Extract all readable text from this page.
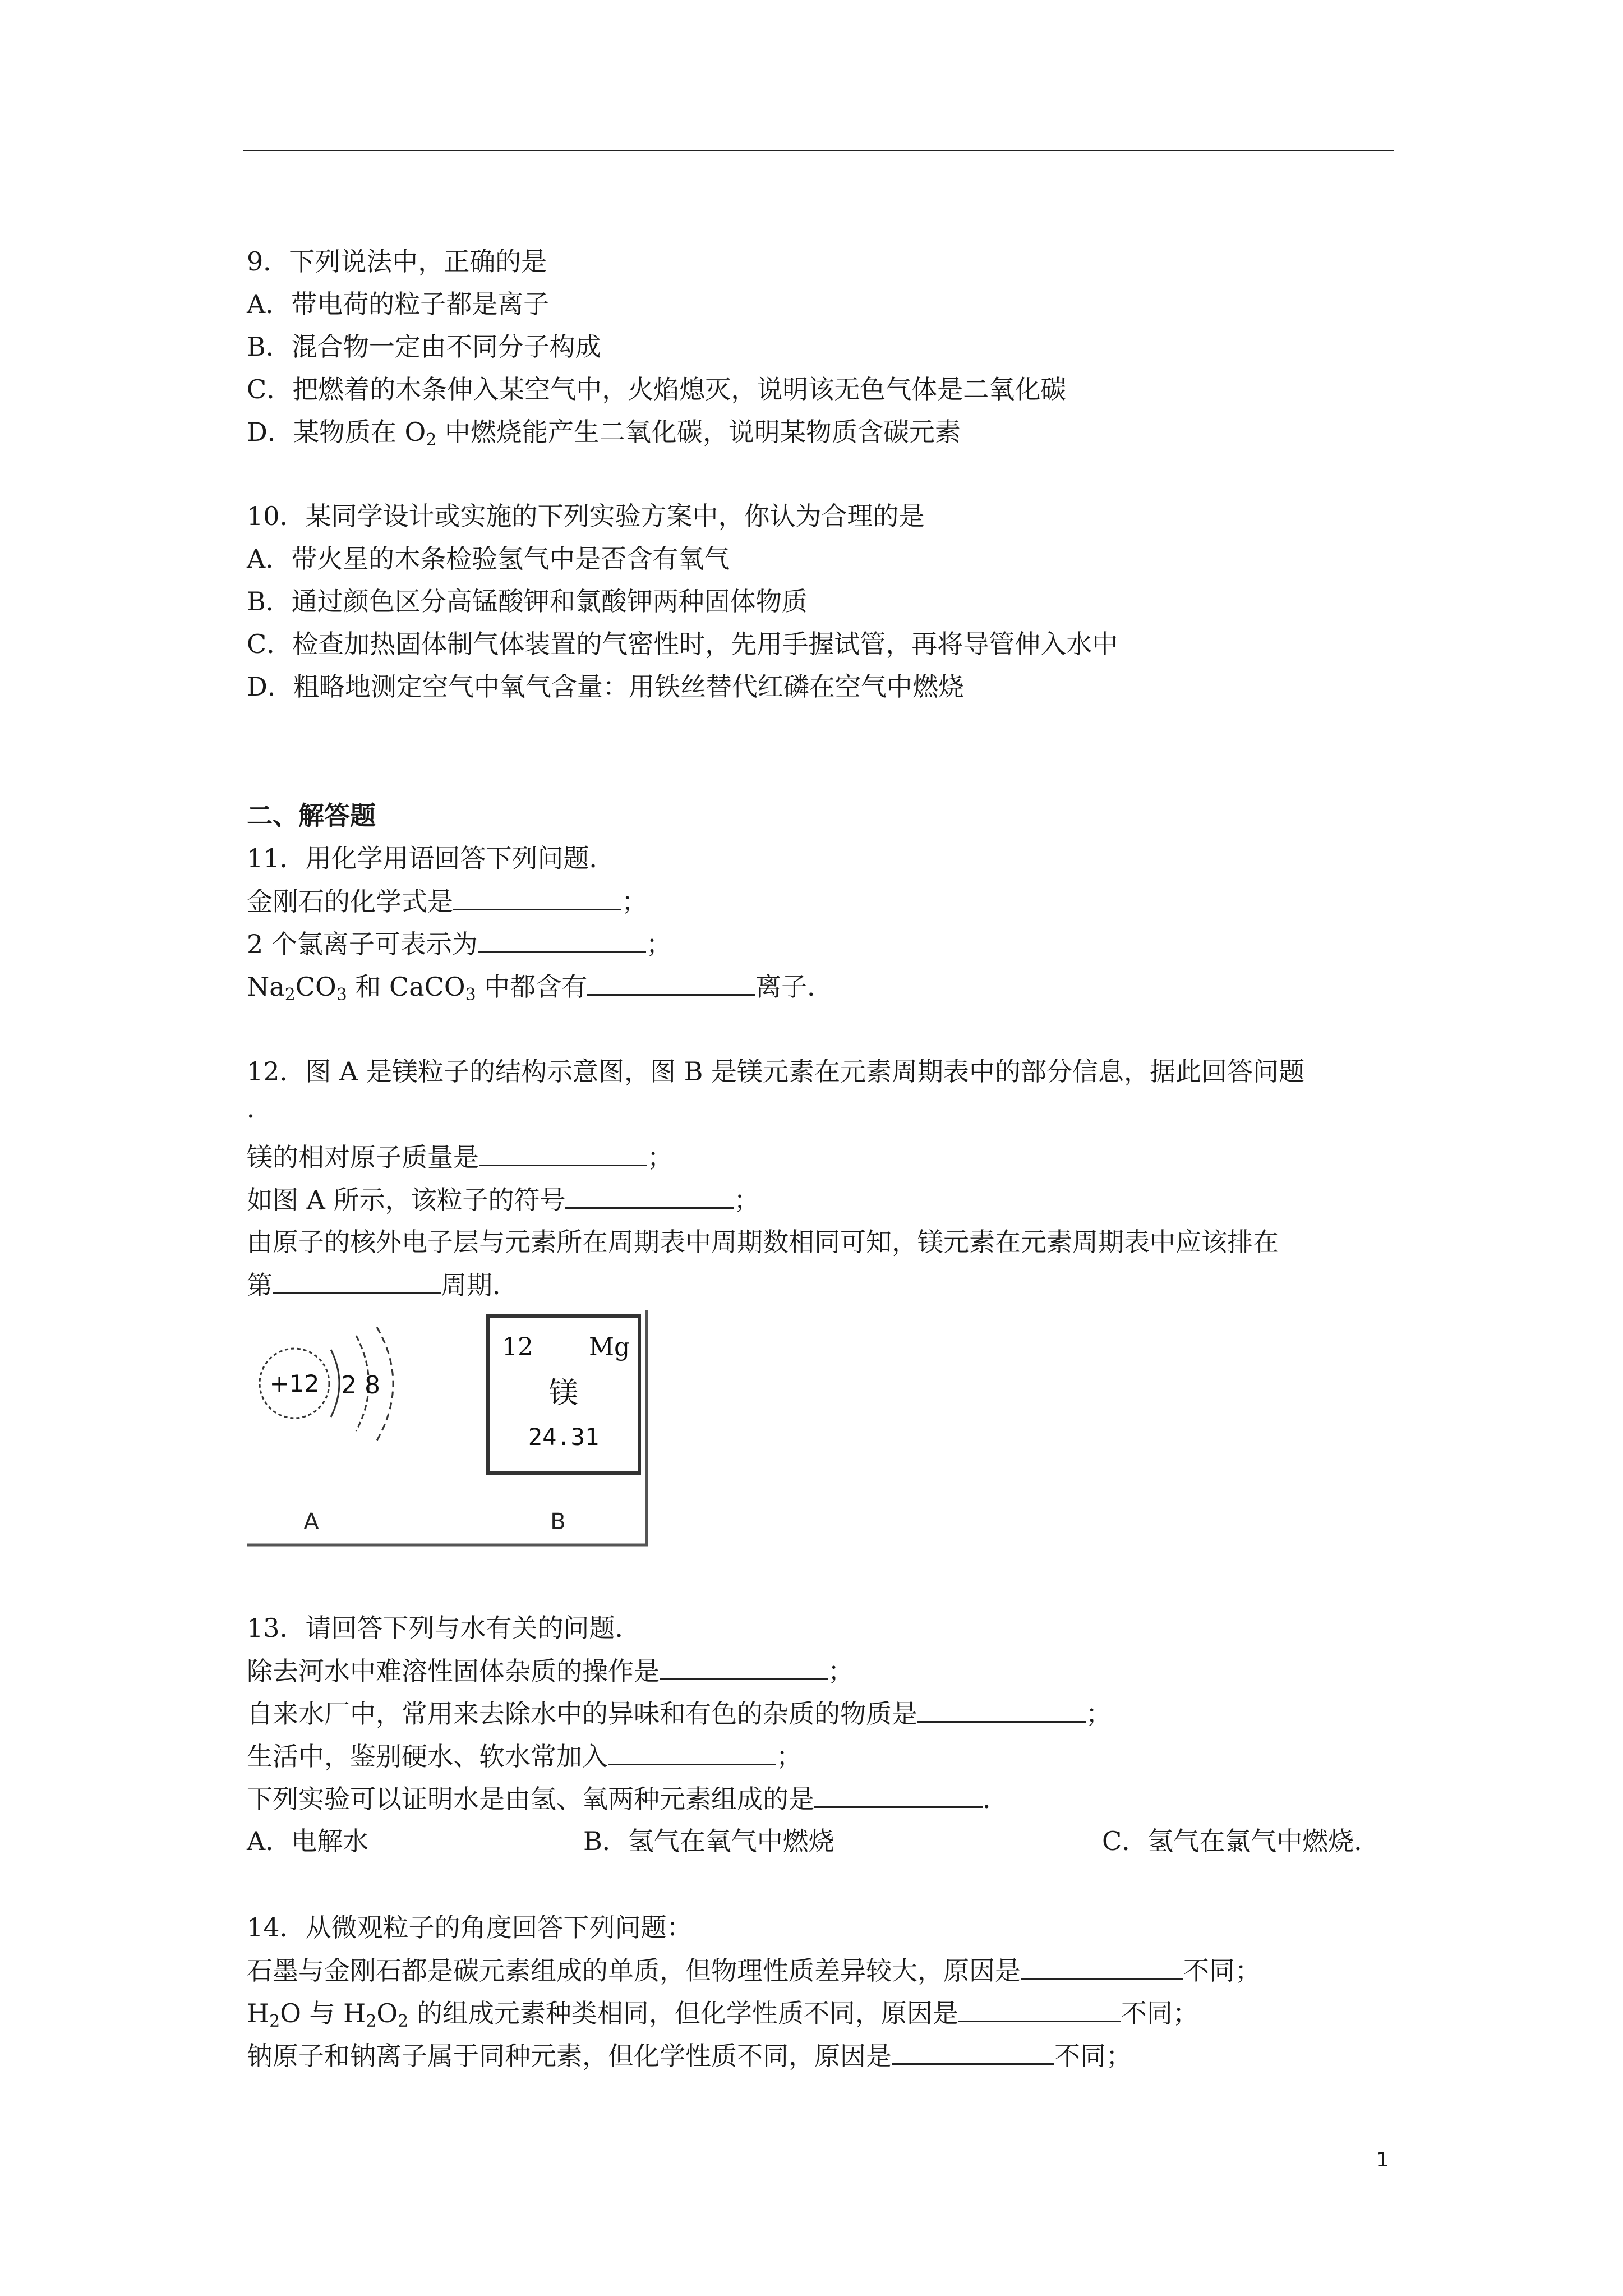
9．下列说法中，正确的是
A．带电荷的粒子都是离子
B．混合物一定由不同分子构成
C．把燃着的木条伸入某空气中，火焰熄灭，说明该无色气体是二氧化碳
D．某物质在 $O_2$ 中燃烧能产生二氧化碳，说明某物质含碳元素
10．某同学设计或实施的下列实验方案中，你认为合理的是
A．带火星的木条检验氢气中是否含有氧气
B．通过颜色区分高锰酸钾和氯酸钾两种固体物质
C．检查加热固体制气体装置的气密性时，先用手握试管，再将导管伸入水中
D．粗略地测定空气中氧气含量：用铁丝替代红磷在空气中燃烧
二、解答题
11．用化学用语回答下列问题．
金刚石的化学式是	；
2 个氯离子可表示为	；
$Na_2CO_3$ 和 CaCO$_3$ 中都含有	离子．
12．图 A 是镁粒子的结构示意图，图 B 是镁元素在元素周期表中的部分信息，据此回答问题
．
镁的相对原子质量是	；
如图 A 所示，该粒子的符号	；
由原子的核外电子层与元素所在周期表中周期数相同可知，镁元素在元素周期表中应该排在
第	周期．
+12 2 8
12 Mg
镁
24.31
A	B
13．请回答下列与水有关的问题．
除去河水中难溶性固体杂质的操作是	；
自来水厂中，常用来去除水中的异味和有色的杂质的物质是	；
生活中，鉴别硬水、软水常加入	；
下列实验可以证明水是由氢、氧两种元素组成的是	．
A．电解水	B．氢气在氧气中燃烧	C．氢气在氯气中燃烧．
14．从微观粒子的角度回答下列问题：
石墨与金刚石都是碳元素组成的单质，但物理性质差异较大，原因是	不同；
$H_2O$ 与 $H_2O_2$ 的组成元素种类相同，但化学性质不同，原因是	不同；
钠原子和钠离子属于同种元素，但化学性质不同，原因是	不同；
1
